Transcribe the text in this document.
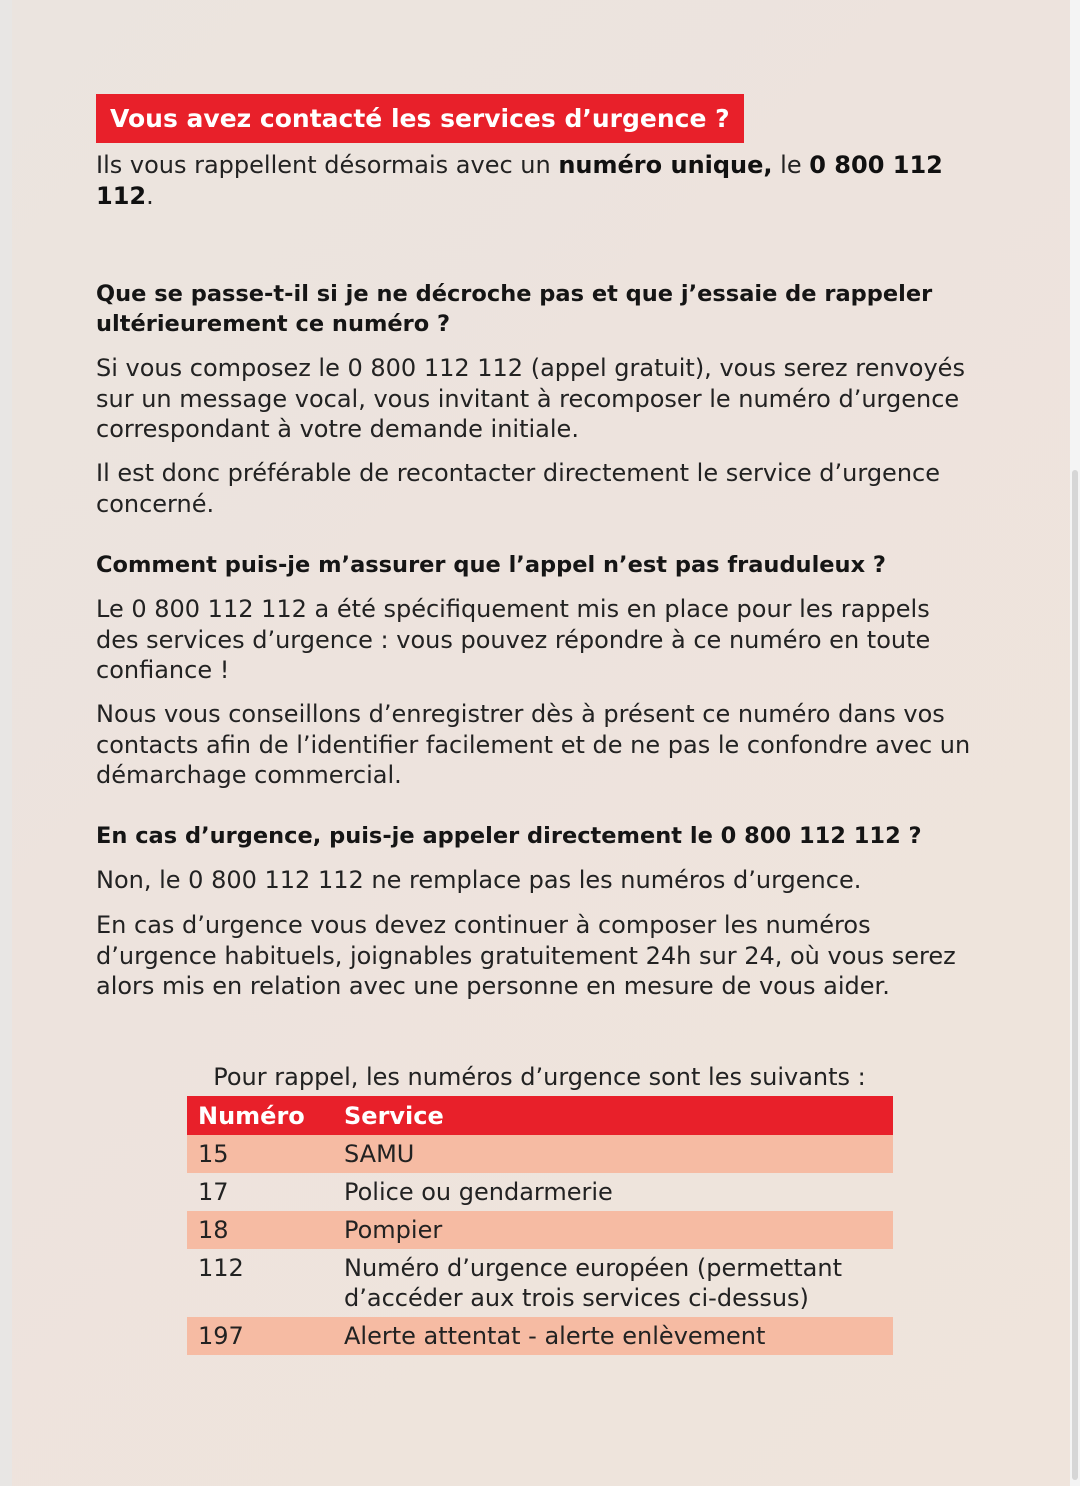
Vous avez contacté les services d’urgence ?

Ils vous rappellent désormais avec un numéro unique, le 0 800 112 112.

Que se passe-t-il si je ne décroche pas et que j’essaie de rappeler ultérieurement ce numéro ?

Si vous composez le 0 800 112 112 (appel gratuit), vous serez renvoyés sur un message vocal, vous invitant à recomposer le numéro d’urgence correspondant à votre demande initiale.

Il est donc préférable de recontacter directement le service d’urgence concerné.

Comment puis-je m’assurer que l’appel n’est pas frauduleux ?

Le 0 800 112 112 a été spécifiquement mis en place pour les rappels des services d’urgence : vous pouvez répondre à ce numéro en toute confiance !

Nous vous conseillons d’enregistrer dès à présent ce numéro dans vos contacts afin de l’identifier facilement et de ne pas le confondre avec un démarchage commercial.

En cas d’urgence, puis-je appeler directement le 0 800 112 112 ?

Non, le 0 800 112 112 ne remplace pas les numéros d’urgence.

En cas d’urgence vous devez continuer à composer les numéros d’urgence habituels, joignables gratuitement 24h sur 24, où vous serez alors mis en relation avec une personne en mesure de vous aider.

Pour rappel, les numéros d’urgence sont les suivants :
Numéro	Service
15	SAMU
17	Police ou gendarmerie
18	Pompier
112	Numéro d’urgence européen (permettant d’accéder aux trois services ci-dessus)
197	Alerte attentat - alerte enlèvement
